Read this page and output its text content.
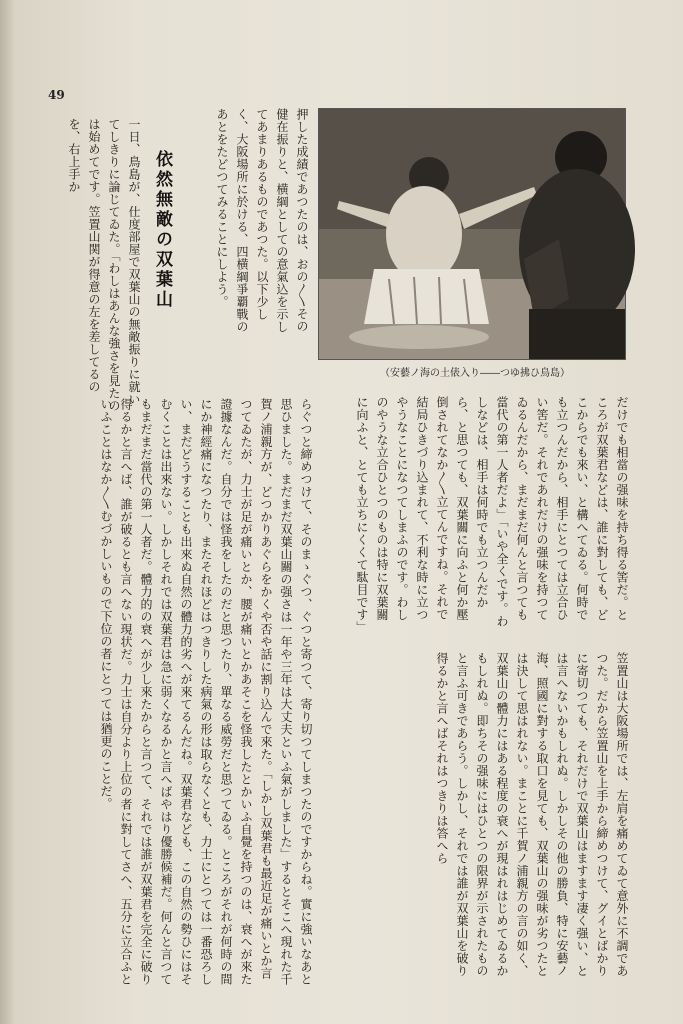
49
（安藝ノ海の土俵入り――つゆ拂ひ鳥島）
だけでも相當の强味を持ち得る筈だ。ところが双葉君などは、誰に對しても、どこからでも來い、と構へてゐる。何時でも立つんだから、相手にとつては立合ひい筈だ。それであれだけの强味を持つてゐるんだから、まだまだ何んと言つても當代の第一人者だよ」「いや全くです。わしなどは、相手は何時でも立つんだから、と思つても、双葉關に向ふと何か壓倒されてなか〳〵立てんですね。それで結局ひきづり込まれて、不利な時に立つやうなことになつてしまふのです。わしのやうな立合ひとつのものは特に双葉關に向ふと、とても立ちにくくて駄目です」
笠置山は大阪場所では、左肩を痛めてゐて意外に不調であつた。だから笠置山を上手から締めつけて、グイとばかりに寄切つても、それだけで双葉山はますます凄く强い、とは言へないかもしれぬ。しかしその他の勝負、特に安藝ノ海、照國に對する取口を見ても、双葉山の强味が劣つたとは決して思はれない。まことに千賀ノ浦親方の言の如く、双葉山の體力にはある程度の衰へが現はれはじめてゐるかもしれぬ。即ちその强味にはひとつの限界が示されたものと言ふ可きであらう。しかし、それでは誰が双葉山を破り得るかと言へばそれはつきりは答へら
押した成績であつたのは、おの〳〵その健在振りと、横綱としての意氣込を示してあまりあるものであつた。以下少しく、大阪場所に於ける、四横綱爭覇戰のあとをたどつてみることにしよう。
依然無敵の双葉山
一日、鳥島が、仕度部屋で双葉山の無敵振りに就いてしきりに論じてゐた。「わしはあんな強さを見たのは始めてです。笠置山関が得意の左を差してるのを、右上手か
らぐつと締めつけて、そのまゝぐつ、ぐつと寄つて、寄り切つてしまつたのですからね。實に強いなあと思ひました。まだまだ双葉山關の强さは一年や三年は大丈夫といふ氣がしました」するとそこへ現れた千賀ノ浦親方が、どつかりあぐらをかくや否や話に割り込んで來た。「しかし双葉君も最近足が痛いとか言つてゐたが、力士が足が痛いとか、腰が痛いとかあそこを怪我したとかいふ自覺を持つのは、衰へが來た證據なんだ。自分では怪我をしたのだと思つたり、單なる威勞だと思つてゐる。ところがそれが何時の間にか神經痛になつたり、またそれほどはつきりした病氣の形は取らなくとも、力士にとつては一番恐ろしい、まだどうすることも出來ぬ自然の體力的劣へが來てるんだね。双葉君なども、この自然の勢ひにはそむくことは出來ない。しかしそれでは双葉君は急に弱くなるかと言へばやはり優勝候補だ。何んと言つてもまだまだ當代の第一人者だ。體力的の衰へが少し來たからと言つて、それでは誰が双葉君を完全に破り得るかと言へば、誰が破るとも言へない現状だ。力士は自分より上位の者に對してさへ、五分に立合ふといふことはなか〳〵むづかしいもので下位の者にとつては猶更のことだ。
